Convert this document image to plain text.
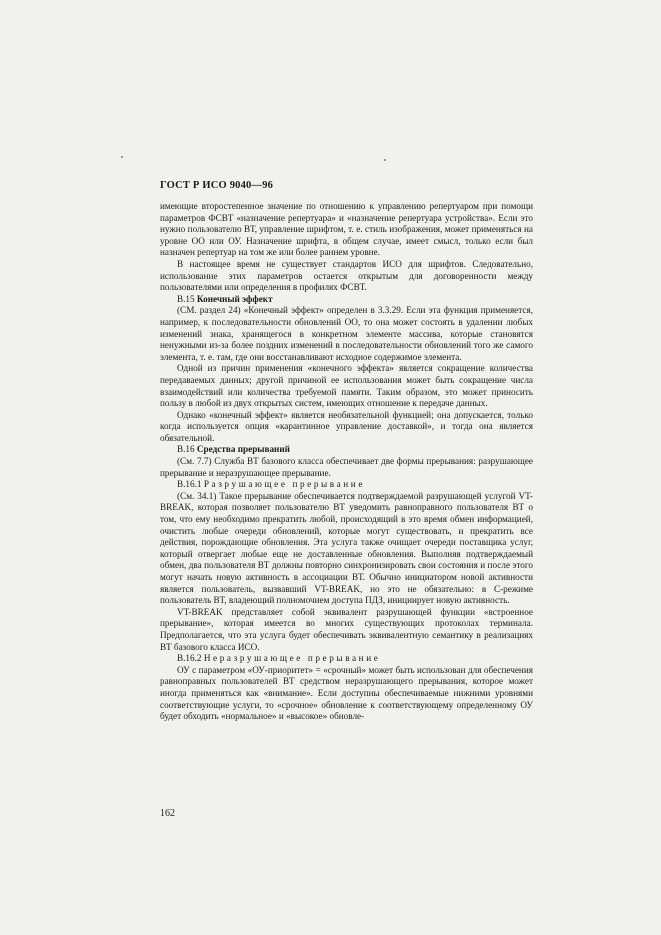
ГОСТ Р ИСО 9040—96

имеющие второстепенное значение по отношению к управлению репертуаром при помощи параметров ФСВТ «назначение репертуара» и «назначение репертуара устройства». Если это нужно пользователю ВТ, управление шрифтом, т. е. стиль изображения, может применяться на уровне ОО или ОУ. Назначение шрифта, в общем случае, имеет смысл, только если был назначен репертуар на том же или более раннем уровне.

В настоящее время не существует стандартов ИСО для шрифтов. Следовательно, использование этих параметров остается открытым для договоренности между пользователями или определения в профилях ФСВТ.

В.15 Конечный эффект

(СМ. раздел 24) «Конечный эффект» определен в 3.3.29. Если эта функция применяется, например, к последовательности обновлений ОО, то она может состоять в удалении любых изменений знака, хранящегося в конкретном элементе массива, которые становятся ненужными из-за более поздних изменений в последовательности обновлений того же самого элемента, т. е. там, где они восстанавливают исходное содержимое элемента.

Одной из причин применения «конечного эффекта» является сокращение количества передаваемых данных; другой причиной ее использования может быть сокращение числа взаимодействий или количества требуемой памяти. Таким образом, это может приносить пользу в любой из двух открытых систем, имеющих отношение к передаче данных.

Однако «конечный эффект» является необязательной функцией; она допускается, только когда используется опция «карантинное управление доставкой», и тогда она является обязательной.

В.16 Средства прерываний

(См. 7.7) Служба ВТ базового класса обеспечивает две формы прерывания: разрушающее прерывание и неразрушающее прерывание.

В.16.1 Разрушающее прерывание

(См. 34.1) Такое прерывание обеспечивается подтверждаемой разрушающей услугой VT-BREAK, которая позволяет пользователю ВТ уведомить равноправного пользователя ВТ о том, что ему необходимо прекратить любой, происходящий в это время обмен информацией, очистить любые очереди обновлений, которые могут существовать, и прекратить все действия, порождающие обновления. Эта услуга также очищает очереди поставщика услуг, который отвергает любые еще не доставленные обновления. Выполняя подтверждаемый обмен, два пользователя ВТ должны повторно синхронизировать свои состояния и после этого могут начать новую активность в ассоциации ВТ. Обычно инициатором новой активности является пользователь, вызвавший VT-BREAK, но это не обязательно: в С-режиме пользователь ВТ, владеющий полномочием доступа ПДЗ, инициирует новую активность.

VT-BREAK представляет собой эквивалент разрушающей функции «встроенное прерывание», которая имеется во многих существующих протоколах терминала. Предполагается, что эта услуга будет обеспечивать эквивалентную семантику в реализациях ВТ базового класса ИСО.

В.16.2 Неразрушающее прерывание

ОУ с параметром «ОУ-приоритет» = «срочный» может быть использован для обеспечения равноправных пользователей ВТ средством неразрушающего прерывания, которое может иногда применяться как «внимание». Если доступны обеспечиваемые нижними уровнями соответствующие услуги, то «срочное» обновление к соответствующему определенному ОУ будет обходить «нормальное» и «высокое» обновле-

162
